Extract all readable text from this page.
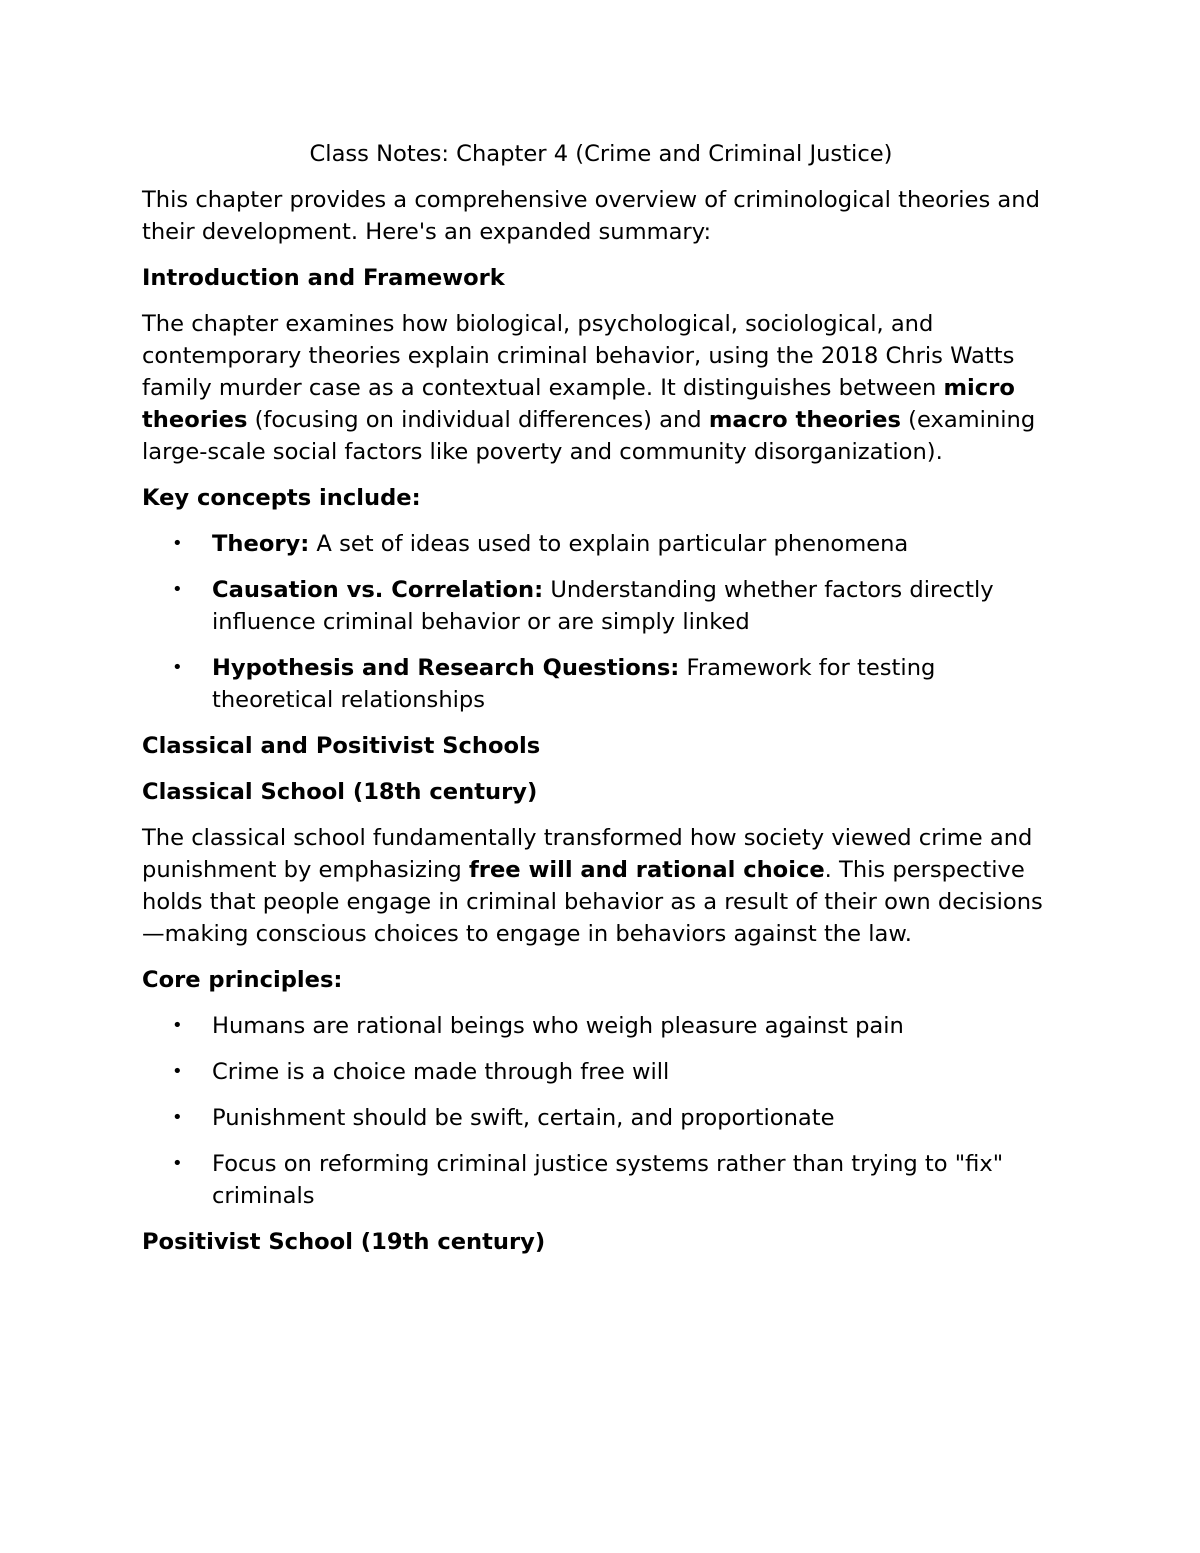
Class Notes: Chapter 4 (Crime and Criminal Justice)

This chapter provides a comprehensive overview of criminological theories and their development. Here's an expanded summary:

Introduction and Framework

The chapter examines how biological, psychological, sociological, and contemporary theories explain criminal behavior, using the 2018 Chris Watts family murder case as a contextual example. It distinguishes between micro theories (focusing on individual differences) and macro theories (examining large-scale social factors like poverty and community disorganization).

Key concepts include:
• Theory: A set of ideas used to explain particular phenomena
• Causation vs. Correlation: Understanding whether factors directly influence criminal behavior or are simply linked
• Hypothesis and Research Questions: Framework for testing theoretical relationships
Classical and Positivist Schools
Classical School (18th century)

The classical school fundamentally transformed how society viewed crime and punishment by emphasizing free will and rational choice. This perspective holds that people engage in criminal behavior as a result of their own decisions—making conscious choices to engage in behaviors against the law.

Core principles:
• Humans are rational beings who weigh pleasure against pain
• Crime is a choice made through free will
• Punishment should be swift, certain, and proportionate
• Focus on reforming criminal justice systems rather than trying to "fix" criminals
Positivist School (19th century)
